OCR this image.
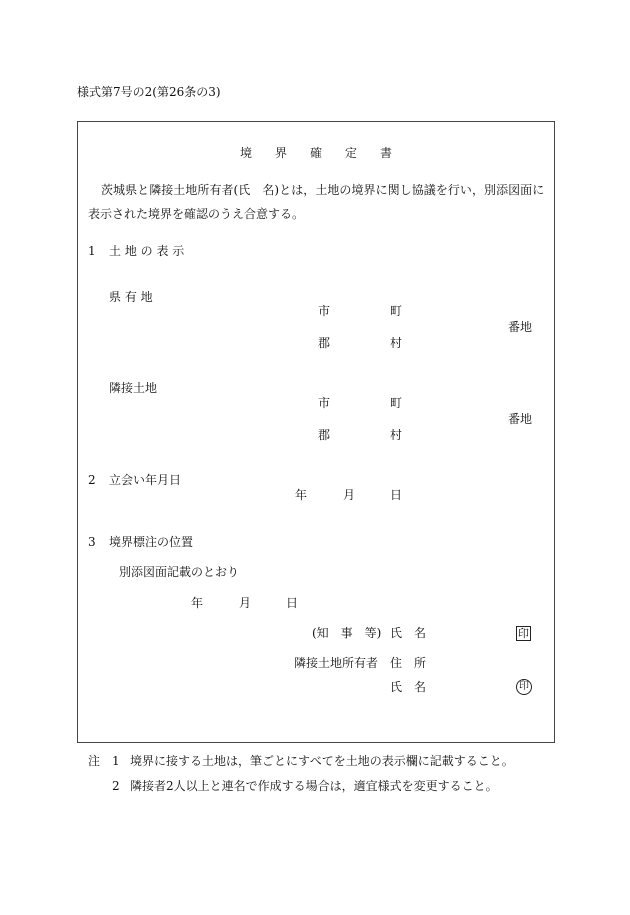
様式第7号の2(第26条の3)
境 界 確 定 書
茨城県と隣接土地所有者(氏　名)とは，土地の境界に関し協議を行い，別添図面に
表示された境界を確認のうえ合意する。
1 土 地 の 表 示
県 有 地
市	町
番地
郡	村
隣接土地
市	町
番地
郡	村
2 立会い年月日
年	月	日
3 境界標注の位置
別添図面記載のとおり
年	月	日
(知　事　等) 氏　名	印
隣接土地所有者 住　所
氏　名	印
注 1 境界に接する土地は，筆ごとにすべてを土地の表示欄に記載すること。
2 隣接者2人以上と連名で作成する場合は，適宜様式を変更すること。
